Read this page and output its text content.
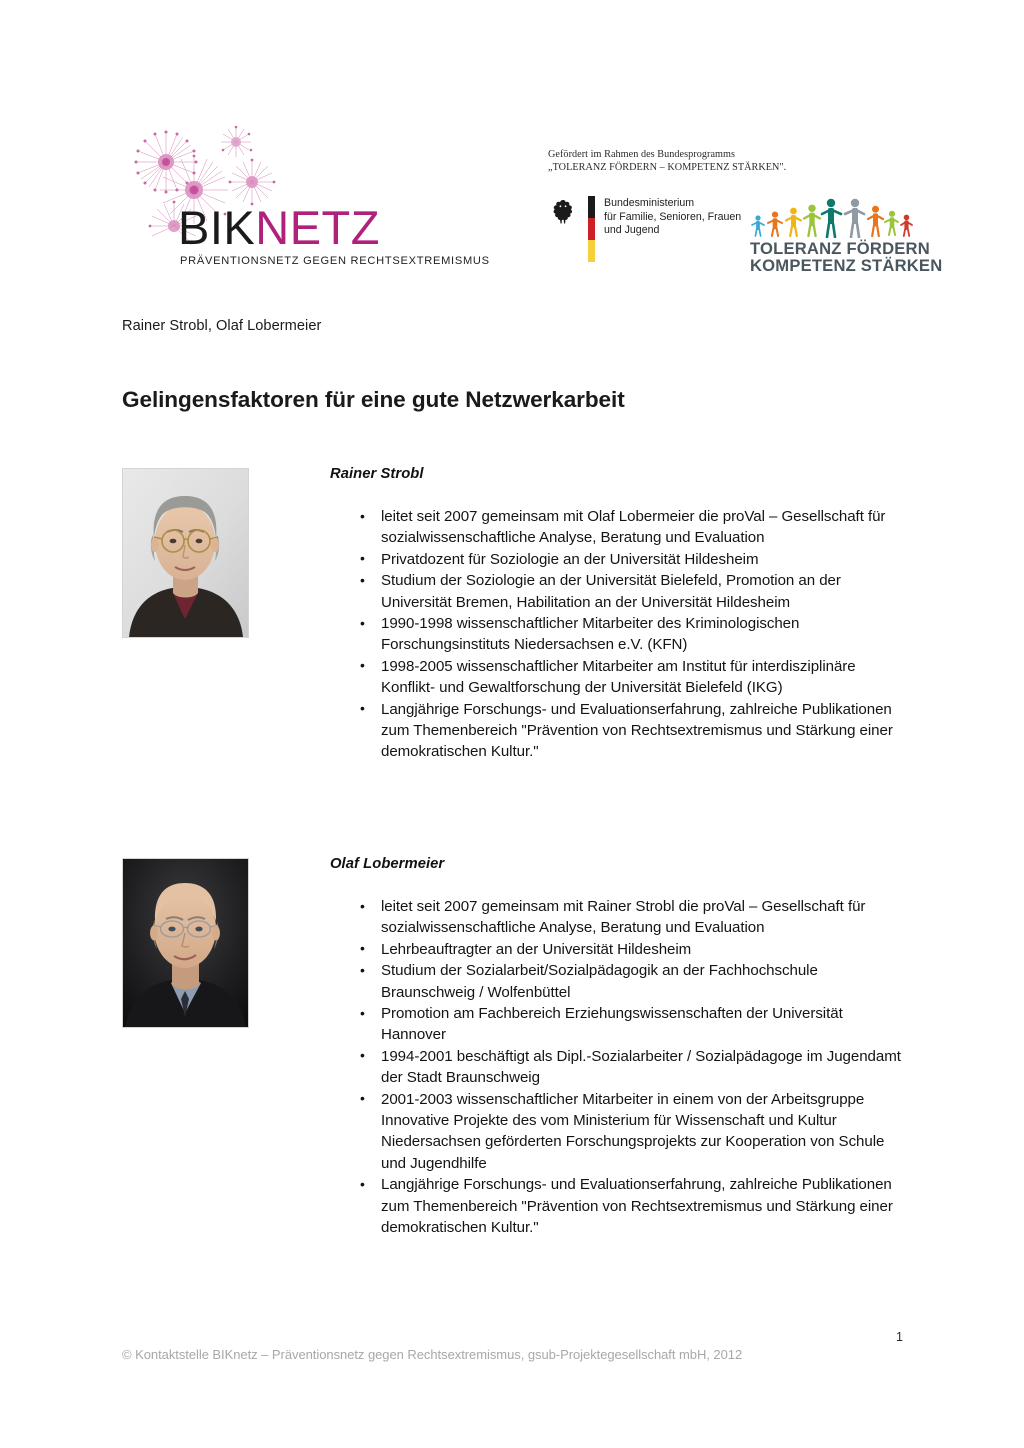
BIKNETZ
PRÄVENTIONSNETZ GEGEN RECHTSEXTREMISMUS
Gefördert im Rahmen des Bundesprogramms
„TOLERANZ FÖRDERN – KOMPETENZ STÄRKEN".
Bundesministerium
für Familie, Senioren, Frauen
und Jugend
TOLERANZ FÖRDERN
KOMPETENZ STÄRKEN
Rainer Strobl, Olaf Lobermeier
Gelingensfaktoren für eine gute Netzwerkarbeit
Rainer Strobl
• leitet seit 2007 gemeinsam mit Olaf Lobermeier die proVal – Gesellschaft für sozialwissenschaftliche Analyse, Beratung und Evaluation
• Privatdozent für Soziologie an der Universität Hildesheim
• Studium der Soziologie an der Universität Bielefeld, Promotion an der Universität Bremen, Habilitation an der Universität Hildesheim
• 1990-1998 wissenschaftlicher Mitarbeiter des Kriminologischen Forschungsinstituts Niedersachsen e.V. (KFN)
• 1998-2005 wissenschaftlicher Mitarbeiter am Institut für interdisziplinäre Konflikt- und Gewaltforschung der Universität Bielefeld (IKG)
• Langjährige Forschungs- und Evaluationserfahrung, zahlreiche Publikationen zum Themenbereich "Prävention von Rechtsextremismus und Stärkung einer demokratischen Kultur."
Olaf Lobermeier
• leitet seit 2007 gemeinsam mit Rainer Strobl die proVal – Gesellschaft für sozialwissenschaftliche Analyse, Beratung und Evaluation
• Lehrbeauftragter an der Universität Hildesheim
• Studium der Sozialarbeit/Sozialpädagogik an der Fachhochschule Braunschweig / Wolfenbüttel
• Promotion am Fachbereich Erziehungswissenschaften der Universität Hannover
• 1994-2001 beschäftigt als Dipl.-Sozialarbeiter / Sozialpädagoge im Jugendamt der Stadt Braunschweig
• 2001-2003 wissenschaftlicher Mitarbeiter in einem von der Arbeitsgruppe Innovative Projekte des vom Ministerium für Wissenschaft und Kultur Niedersachsen geförderten Forschungsprojekts zur Kooperation von Schule und Jugendhilfe
• Langjährige Forschungs- und Evaluationserfahrung, zahlreiche Publikationen zum Themenbereich "Prävention von Rechtsextremismus und Stärkung einer demokratischen Kultur."
1
© Kontaktstelle BIKnetz – Präventionsnetz gegen Rechtsextremismus, gsub-Projektegesellschaft mbH, 2012
